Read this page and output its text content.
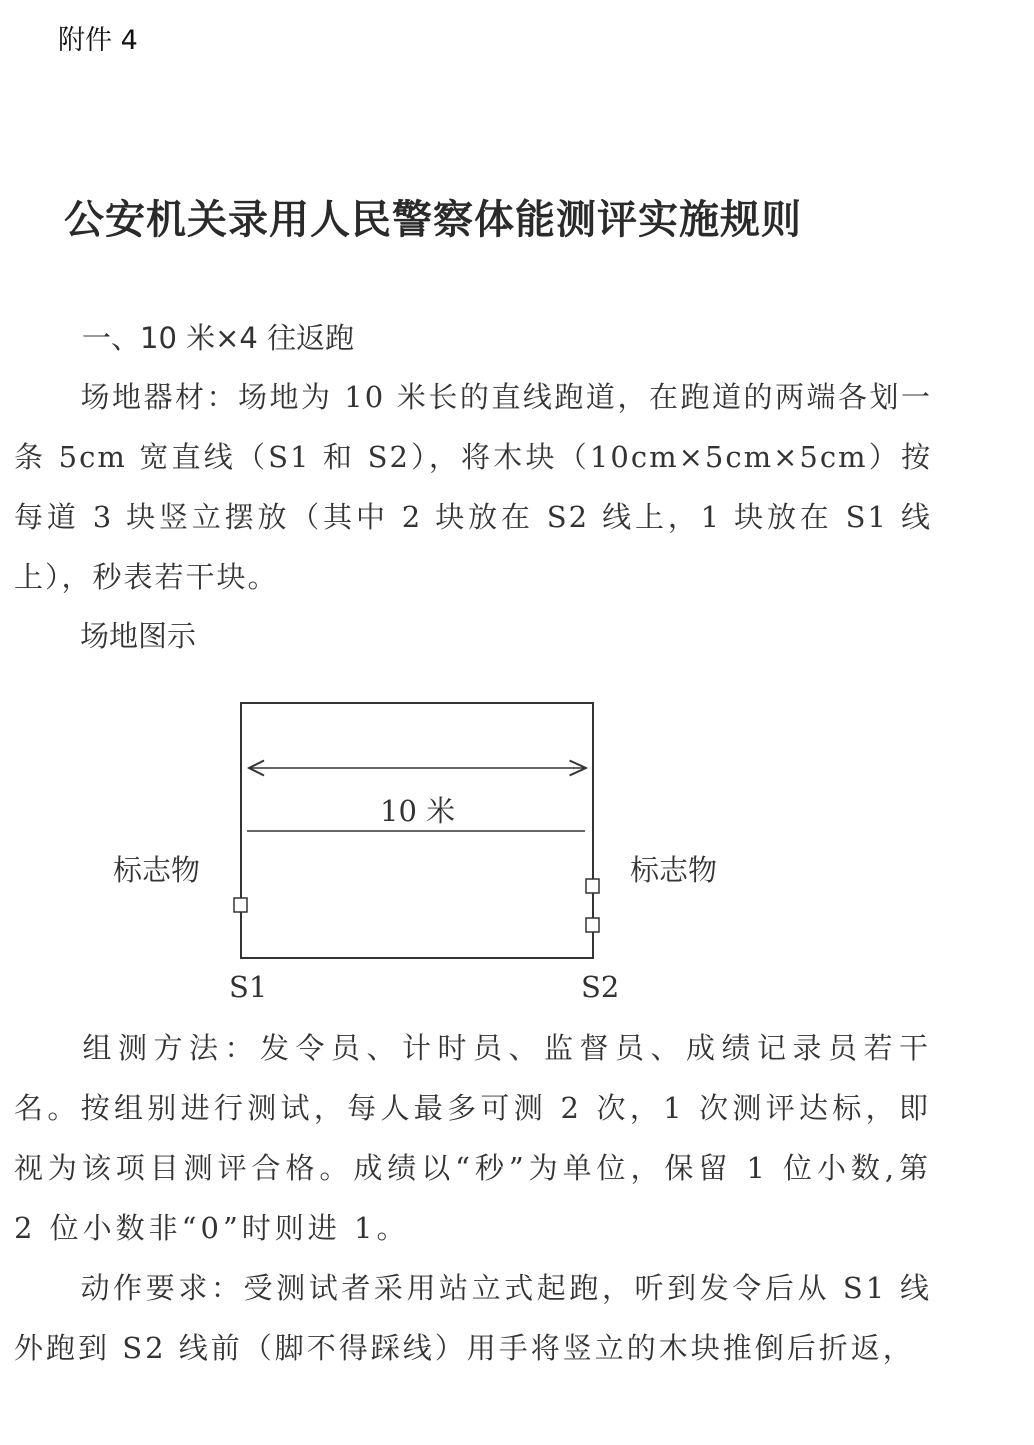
附件 4
公安机关录用人民警察体能测评实施规则
一、10 米×4 往返跑
场地器材：场地为 10 米长的直线跑道，在跑道的两端各划一条 5cm 宽直线（S1 和 S2），将木块（10cm×5cm×5cm）按每道 3 块竖立摆放（其中 2 块放在 S2 线上，1 块放在 S1 线上），秒表若干块。
场地图示
10 米
标志物	标志物
S1	S2
组测方法：发令员、计时员、监督员、成绩记录员若干名。按组别进行测试，每人最多可测 2 次，1 次测评达标，即视为该项目测评合格。成绩以“秒”为单位，保留 1 位小数,第 2 位小数非“0”时则进 1。
动作要求：受测试者采用站立式起跑，听到发令后从 S1 线外跑到 S2 线前（脚不得踩线）用手将竖立的木块推倒后折返，
